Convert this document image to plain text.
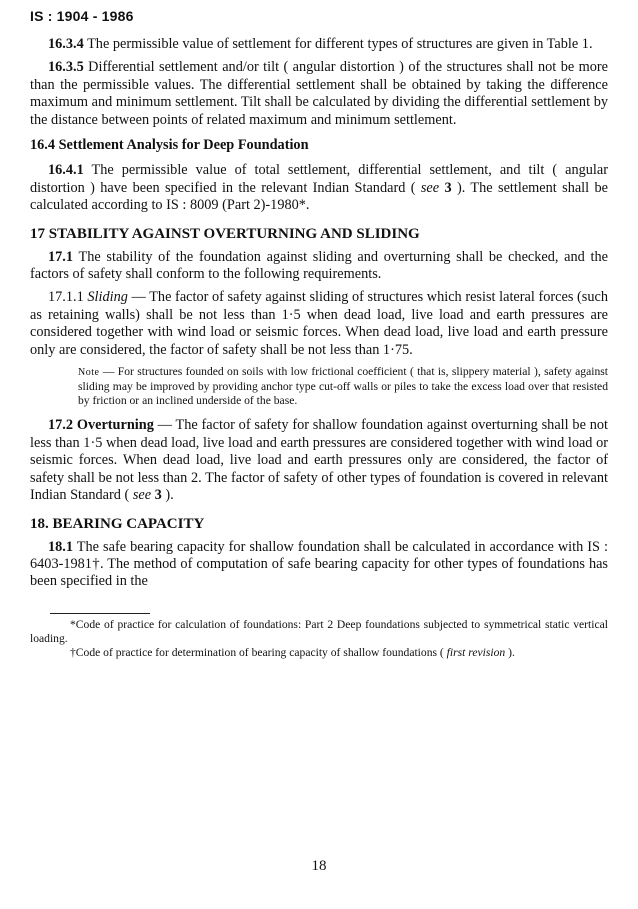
IS : 1904 - 1986

16.3.4 The permissible value of settlement for different types of structures are given in Table 1.

16.3.5 Differential settlement and/or tilt ( angular distortion ) of the structures shall not be more than the permissible values. The differential settlement shall be obtained by taking the difference maximum and minimum settlement. Tilt shall be calculated by dividing the differential settlement by the distance between points of related maximum and minimum settlement.

16.4 Settlement Analysis for Deep Foundation

16.4.1 The permissible value of total settlement, differential settlement, and tilt ( angular distortion ) have been specified in the relevant Indian Standard ( see 3 ). The settlement shall be calculated according to IS : 8009 (Part 2)-1980*.

17 STABILITY AGAINST OVERTURNING AND SLIDING

17.1 The stability of the foundation against sliding and overturning shall be checked, and the factors of safety shall conform to the following requirements.

17.1.1 Sliding — The factor of safety against sliding of structures which resist lateral forces (such as retaining walls) shall be not less than 1·5 when dead load, live load and earth pressures are considered together with wind load or seismic forces. When dead load, live load and earth pressure only are considered, the factor of safety shall be not less than 1·75.

Note — For structures founded on soils with low frictional coefficient ( that is, slippery material ), safety against sliding may be improved by providing anchor type cut-off walls or piles to take the excess load over that resisted by friction or an inclined underside of the base.

17.2 Overturning — The factor of safety for shallow foundation against overturning shall be not less than 1·5 when dead load, live load and earth pressures are considered together with wind load or seismic forces. When dead load, live load and earth pressures only are considered, the factor of safety shall be not less than 2. The factor of safety of other types of foundation is covered in relevant Indian Standard ( see 3 ).

18. BEARING CAPACITY

18.1 The safe bearing capacity for shallow foundation shall be calculated in accordance with IS : 6403-1981†. The method of computation of safe bearing capacity for other types of foundations has been specified in the

*Code of practice for calculation of foundations: Part 2 Deep foundations subjected to symmetrical static vertical loading.

†Code of practice for determination of bearing capacity of shallow foundations ( first revision ).

18
